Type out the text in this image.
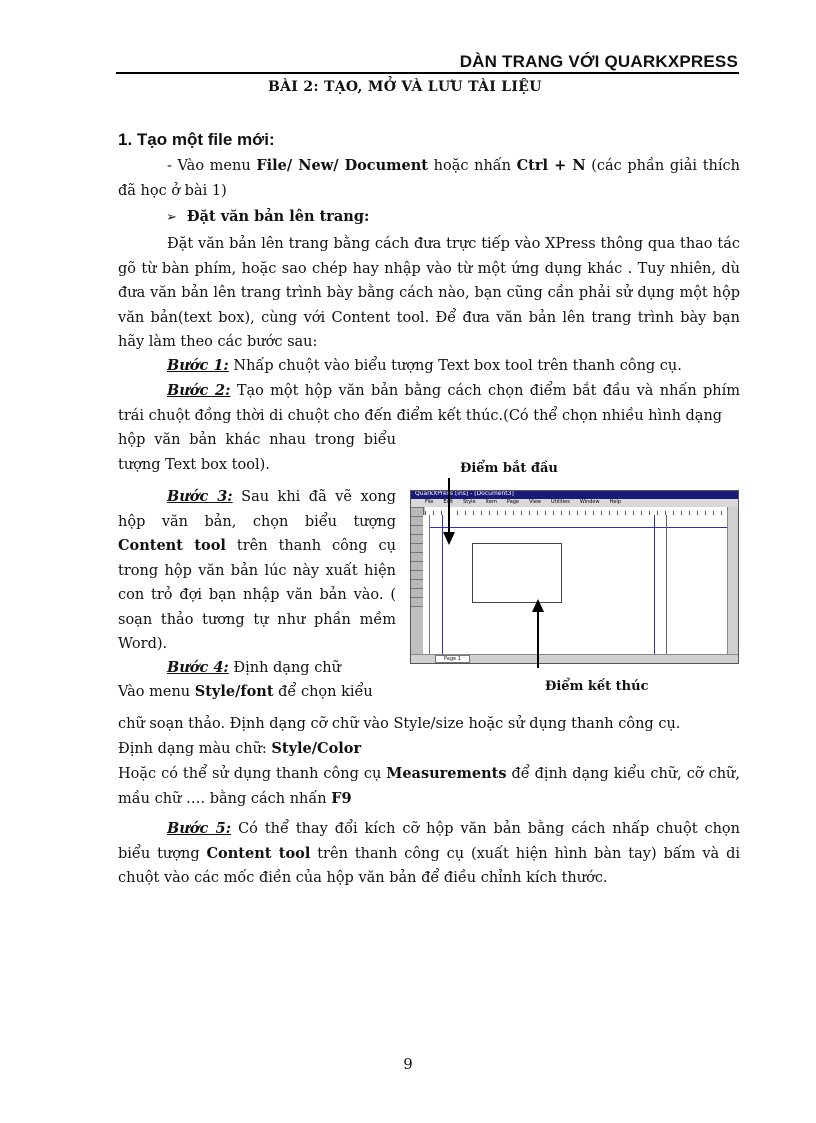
DÀN TRANG VỚI QUARKXPRESS
BÀI 2: TẠO, MỞ VÀ LƯU TÀI LIỆU
1. Tạo một file mới:
- Vào menu File/ New/ Document hoặc nhấn Ctrl + N (các phần giải thích đã học ở bài 1)
➢ Đặt văn bản lên trang:
Đặt văn bản lên trang bằng cách đưa trực tiếp vào XPress thông qua thao tác gõ từ bàn phím, hoặc sao chép hay nhập vào từ một ứng dụng khác . Tuy nhiên, dù đưa văn bản lên trang trình bày bằng cách nào, bạn cũng cần phải sử dụng một hộp văn bản(text box), cùng với Content tool. Để đưa văn bản lên trang trình bày bạn hãy làm theo các bước sau:
Bước 1: Nhấp chuột vào biểu tượng Text box tool trên thanh công cụ.
Bước 2: Tạo một hộp văn bản bằng cách chọn điểm bắt đầu và nhấn phím trái chuột đồng thời di chuột cho đến điểm kết thúc.(Có thể chọn nhiều hình dạng
hộp văn bản khác nhau trong biểu tượng Text box tool).
Bước 3: Sau khi đã vẽ xong hộp văn bản, chọn biểu tượng Content tool trên thanh công cụ trong hộp văn bản lúc này xuất hiện con trỏ đợi bạn nhập văn bản vào. ( soạn thảo tương tự như phần mềm Word).
Bước 4: Định dạng chữ
Vào menu Style/font để chọn kiểu
chữ soạn thảo. Định dạng cỡ chữ vào Style/size hoặc sử dụng thanh công cụ.
Định dạng màu chữ: Style/Color
Hoặc có thể sử dụng thanh công cụ Measurements để định dạng kiểu chữ, cỡ chữ, mầu chữ …. bằng cách nhấn F9
Bước 5: Có thể thay đổi kích cỡ hộp văn bản bằng cách nhấp chuột chọn biểu tượng Content tool trên thanh công cụ (xuất hiện hình bàn tay) bấm và di chuột vào các mốc điền của hộp văn bản để điều chỉnh kích thước.
Điểm bắt đầu
QuarkXPress [ins] - [Document3]
File Edit Style Item Page View Utilities Window Help
Page 1
Điểm kết thúc
9
